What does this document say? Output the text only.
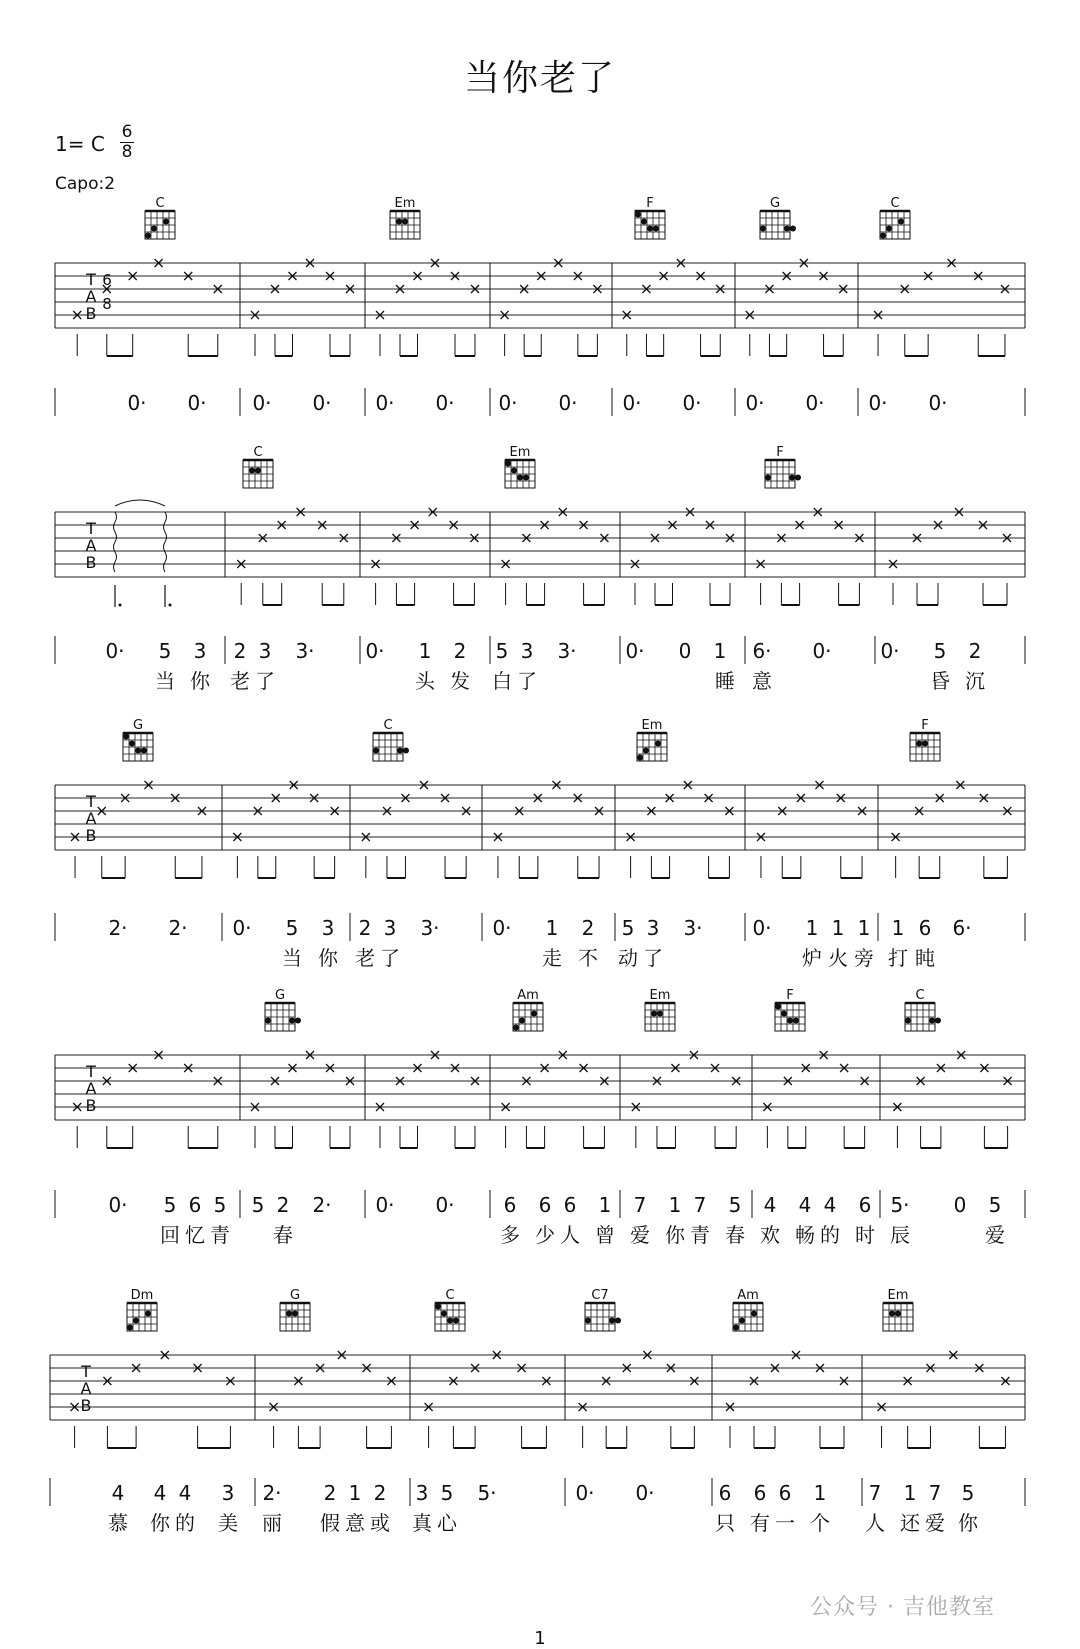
当你老了
1= C 6
8
Capo:2
T
A
B
6
8
C	Em	F	G	C
0· 0· 0· 0· 0· 0· 0· 0· 0· 0· 0· 0· 0· 0·
T
A
B
C	Em	F
0· 5 3 2 3 3·	0· 1 2 5 3 3· 0· 0 1 6· 0· 0· 5 2
当 你 老 了	头 发 白 了	睡 意	昏 沉
T
A
B
G	C	Em	F
2· 2· 0· 5 3 2 3 3·	0· 1 2 5 3 3· 0· 1 1 1 1 6 6·
当 你 老 了	走 不 动 了	炉 火 旁 打 盹
T
A
B
G	Am	Em	F	C
0· 5 6 5 5 2 2· 0· 0· 6 6 6 1 7 1 7 5 4 4 4 6 5· 0 5
回 忆 青 春	多 少 人 曾 爱 你 青 春 欢 畅 的 时 辰	爱
T
A
B
Dm	G	C	C7	Am	Em
4 4 4 3 2· 2 1 2 3 5 5·	0· 0·	6 6 6 1 7 1 7 5
慕 你 的 美 丽 假 意 或 真 心	只 有 一 个 人 还 爱 你
公众号 · 吉他教室
1
